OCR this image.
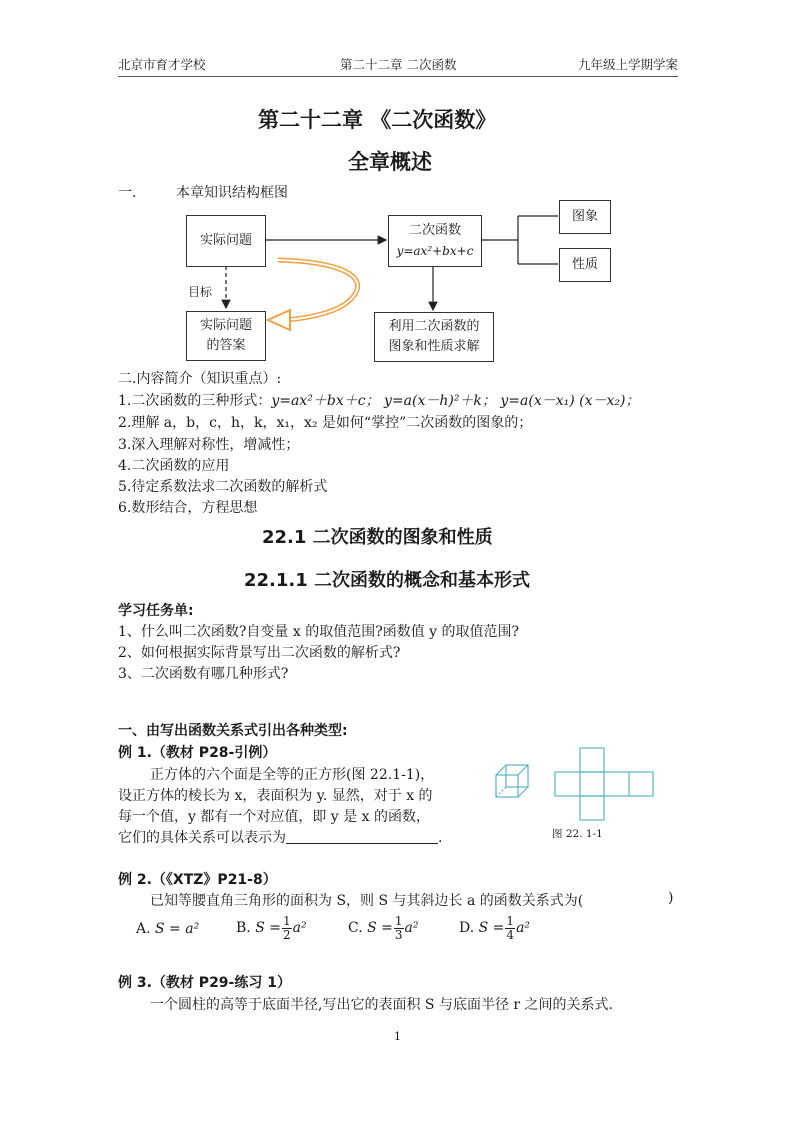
北京市育才学校	第二十二章 二次函数	九年级上学期学案
第二十二章 《二次函数》
全章概述
一.	本章知识结构框图
实际问题
二次函数
y=ax²+bx+c
图象
性质
实际问题
的答案
利用二次函数的
图象和性质求解
目标
二.内容简介（知识重点）:
1.二次函数的三种形式：y=ax²＋bx＋c； y=a(x－h)²＋k； y=a(x－x₁) (x－x₂)；
2.理解 a，b，c，h，k，x₁，x₂ 是如何“掌控”二次函数的图象的；
3.深入理解对称性，增减性；
4.二次函数的应用
5.待定系数法求二次函数的解析式
6.数形结合，方程思想
22.1 二次函数的图象和性质
22.1.1 二次函数的概念和基本形式
学习任务单:
1、什么叫二次函数?自变量 x 的取值范围?函数值 y 的取值范围?
2、如何根据实际背景写出二次函数的解析式?
3、二次函数有哪几种形式?
一、由写出函数关系式引出各种类型:
例 1.（教材 P28-引例）
正方体的六个面是全等的正方形(图 22.1-1)，
设正方体的棱长为 x，表面积为 y. 显然，对于 x 的
每一个值，y 都有一个对应值，即 y 是 x 的函数，
它们的具体关系可以表示为	.	图 22. 1-1
例 2.（《XTZ》P21-8）
已知等腰直角三角形的面积为 S，则 S 与其斜边长 a 的函数关系式为(	)
A. S = a²	B. $S = \frac{1}{2} a^2$	C. $S = \frac{1}{3} a^2$	D. $S = \frac{1}{4} a^2$
例 3.（教材 P29-练习 1）
一个圆柱的高等于底面半径,写出它的表面积 S 与底面半径 r 之间的关系式.
1
